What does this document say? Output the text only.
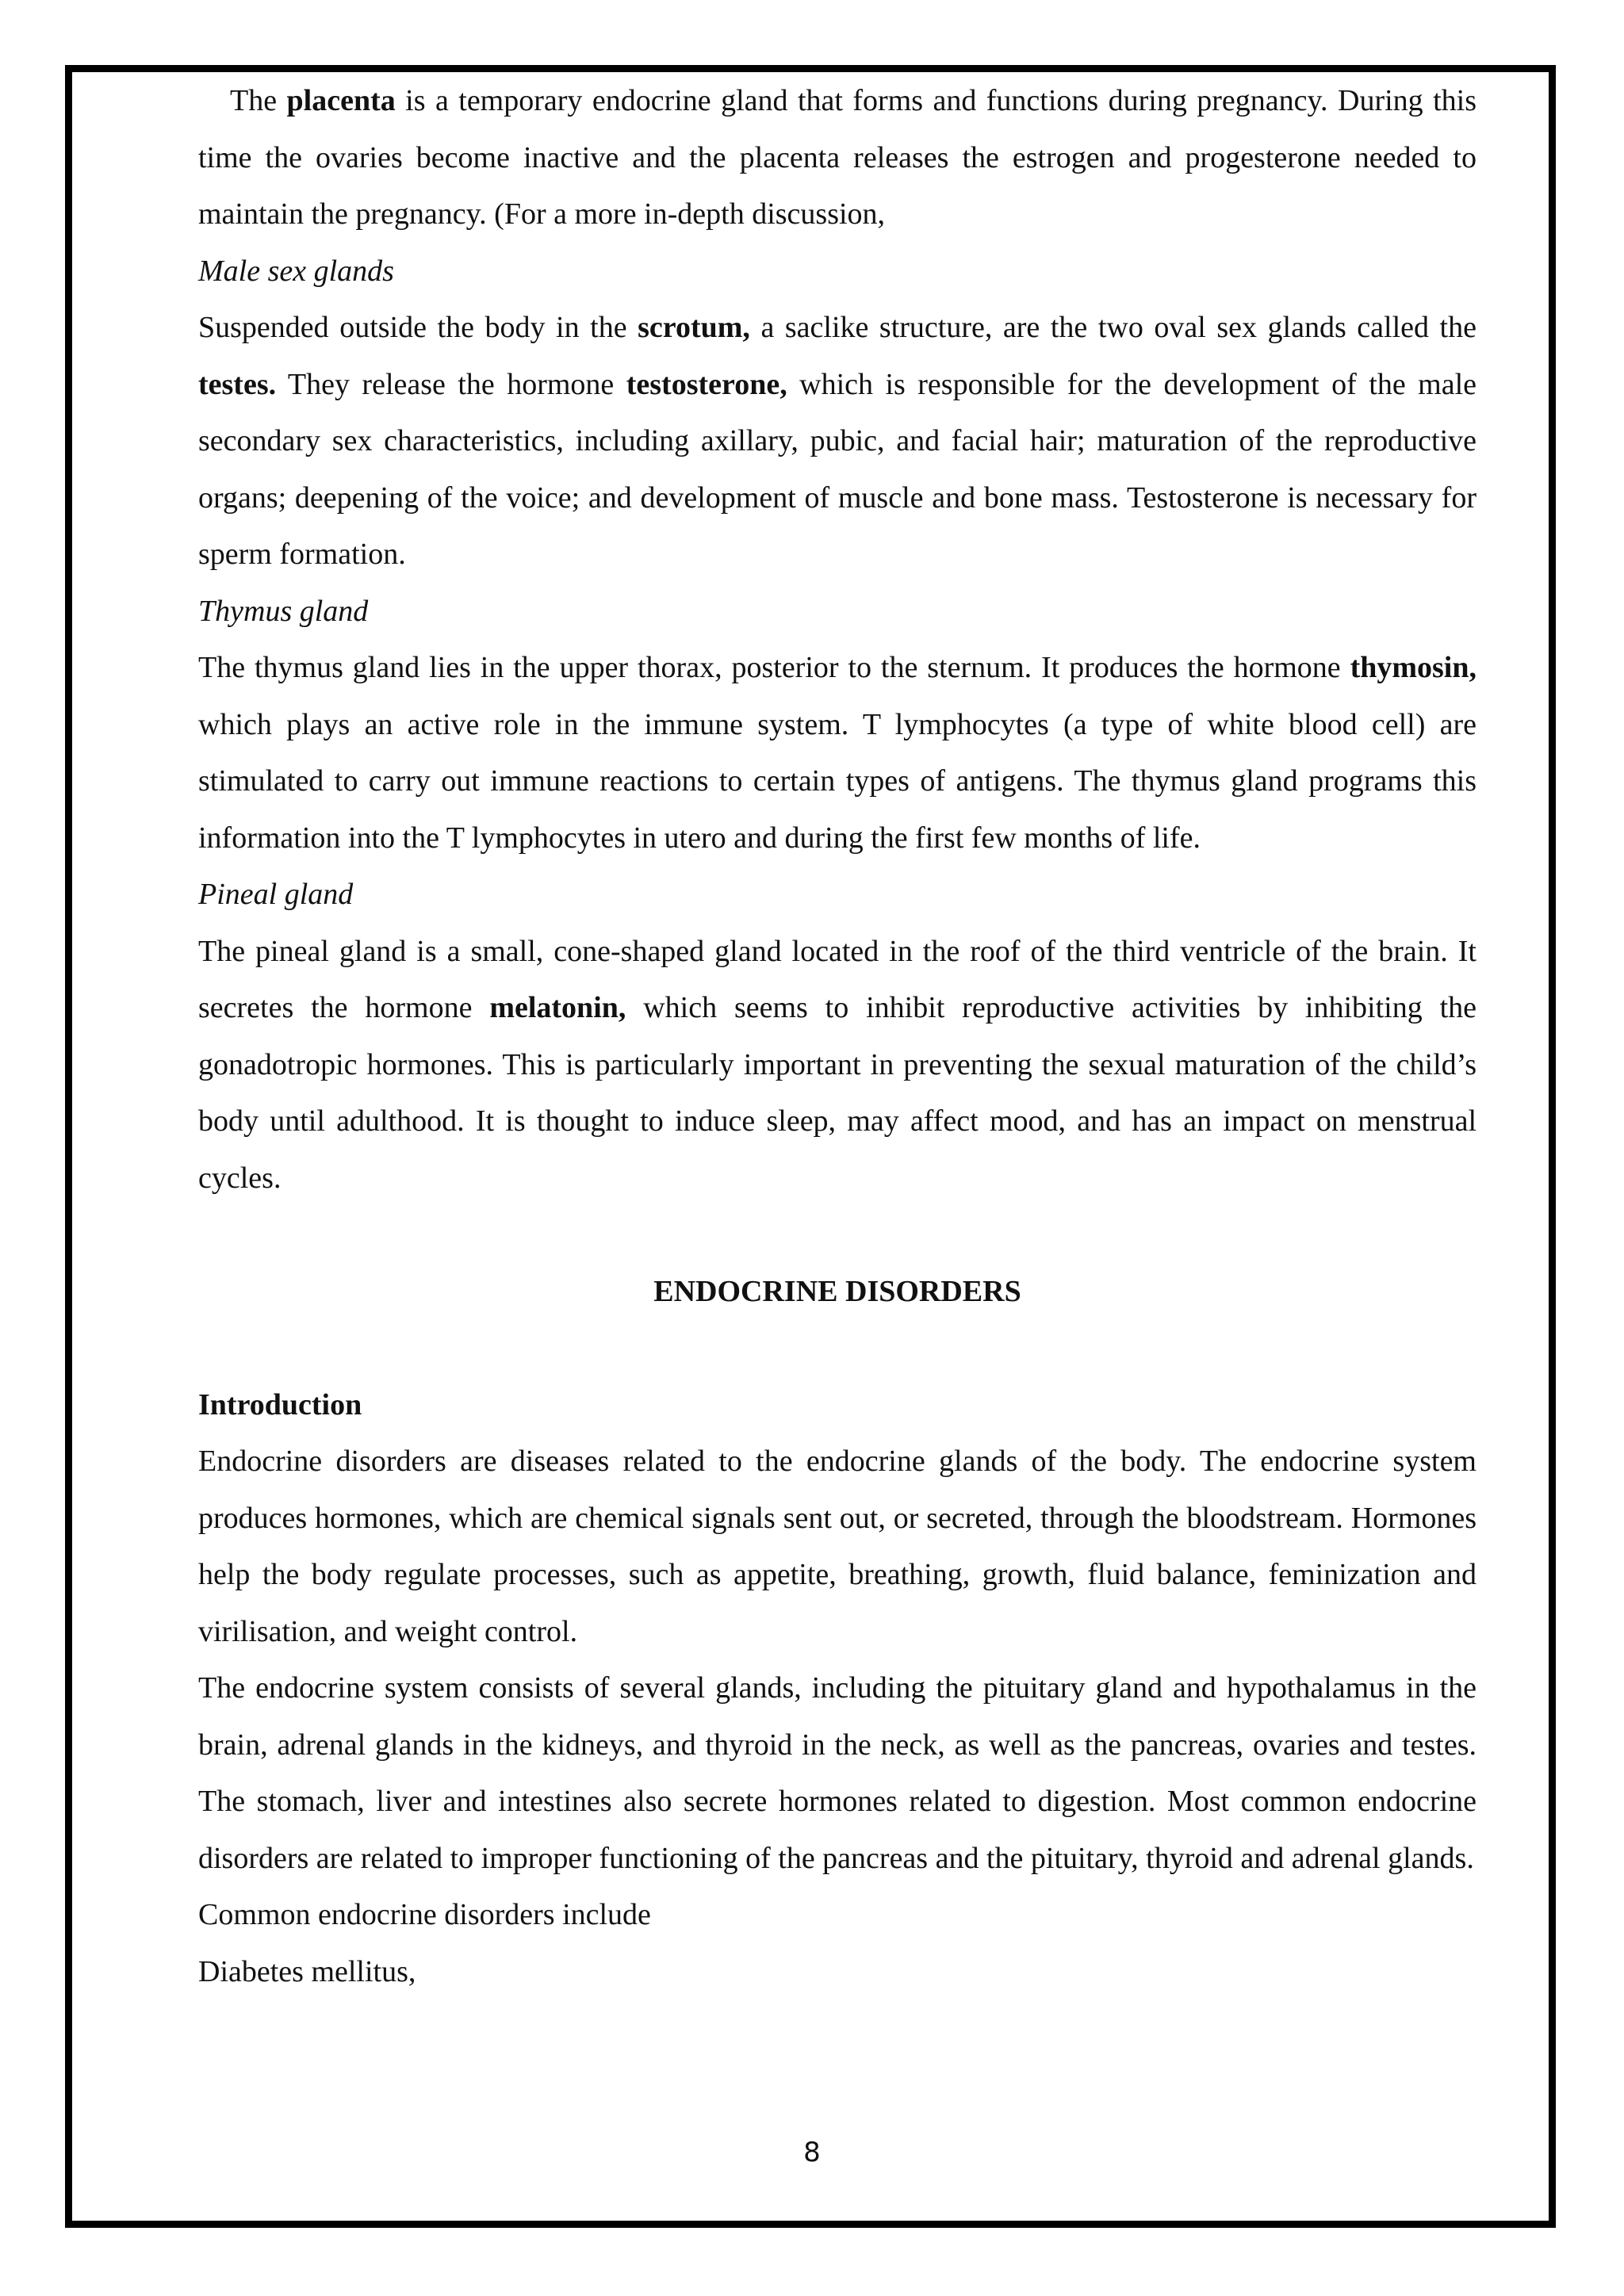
The placenta is a temporary endocrine gland that forms and functions during pregnancy. During this time the ovaries become inactive and the placenta releases the estrogen and progesterone needed to maintain the pregnancy. (For a more in-depth discussion,

Male sex glands

Suspended outside the body in the scrotum, a saclike structure, are the two oval sex glands called the testes. They release the hormone testosterone, which is responsible for the development of the male secondary sex characteristics, including axillary, pubic, and facial hair; maturation of the reproductive organs; deepening of the voice; and development of muscle and bone mass. Testosterone is necessary for sperm formation.

Thymus gland

The thymus gland lies in the upper thorax, posterior to the sternum. It produces the hormone thymosin, which plays an active role in the immune system. T lymphocytes (a type of white blood cell) are stimulated to carry out immune reactions to certain types of antigens. The thymus gland programs this information into the T lymphocytes in utero and during the first few months of life.

Pineal gland

The pineal gland is a small, cone-shaped gland located in the roof of the third ventricle of the brain. It secretes the hormone melatonin, which seems to inhibit reproductive activities by inhibiting the gonadotropic hormones. This is particularly important in preventing the sexual maturation of the child’s body until adulthood. It is thought to induce sleep, may affect mood, and has an impact on menstrual cycles.

ENDOCRINE DISORDERS

Introduction

Endocrine disorders are diseases related to the endocrine glands of the body. The endocrine system produces hormones, which are chemical signals sent out, or secreted, through the bloodstream. Hormones help the body regulate processes, such as appetite, breathing, growth, fluid balance, feminization and virilisation, and weight control.

The endocrine system consists of several glands, including the pituitary gland and hypothalamus in the brain, adrenal glands in the kidneys, and thyroid in the neck, as well as the pancreas, ovaries and testes. The stomach, liver and intestines also secrete hormones related to digestion. Most common endocrine disorders are related to improper functioning of the pancreas and the pituitary, thyroid and adrenal glands.

Common endocrine disorders include

Diabetes mellitus,

8
